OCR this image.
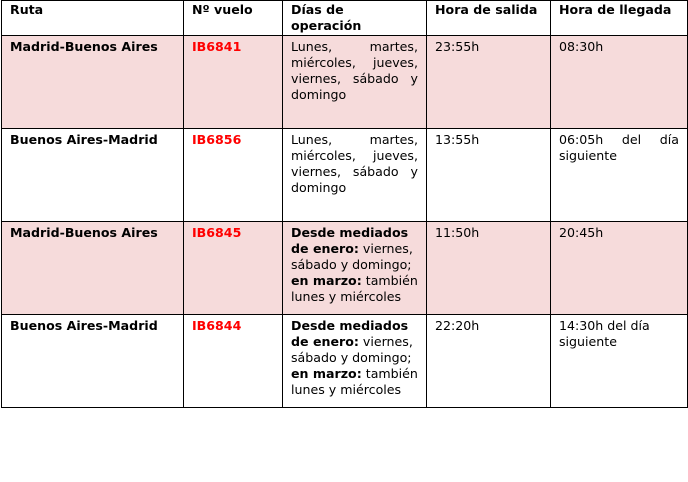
Ruta	Nº vuelo	Días de operación	Hora de salida	Hora de llegada
Madrid-Buenos Aires	IB6841	Lunes, martes, miércoles, jueves, viernes, sábado y domingo	23:55h	08:30h
Buenos Aires-Madrid	IB6856	Lunes, martes, miércoles, jueves, viernes, sábado y domingo	13:55h	06:05h del día siguiente
Madrid-Buenos Aires	IB6845	Desde mediados de enero: viernes, sábado y domingo; en marzo: también lunes y miércoles	11:50h	20:45h
Buenos Aires-Madrid	IB6844	Desde mediados de enero: viernes, sábado y domingo; en marzo: también lunes y miércoles	22:20h	14:30h del día siguiente
